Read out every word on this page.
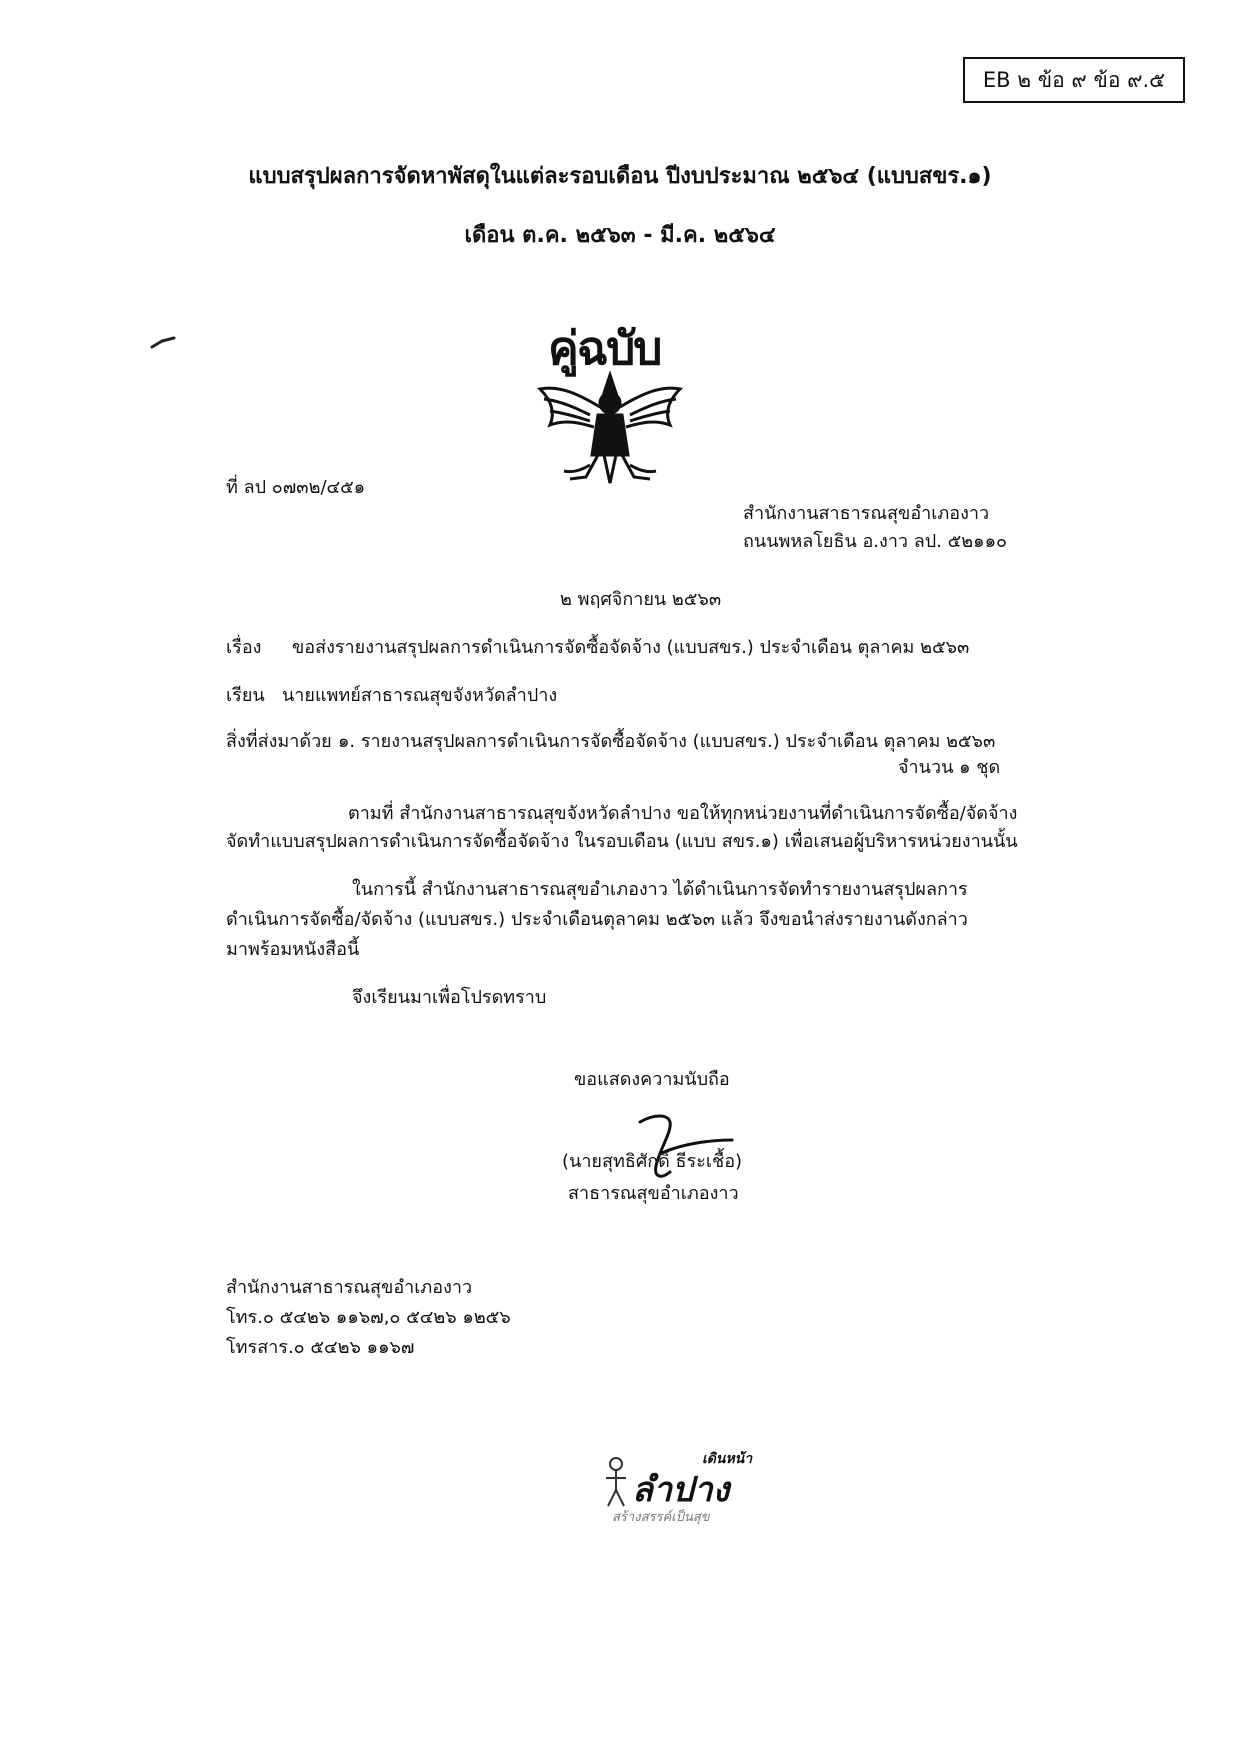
EB ๒ ข้อ ๙ ข้อ ๙.๕
แบบสรุปผลการจัดหาพัสดุในแต่ละรอบเดือน ปีงบประมาณ ๒๕๖๔ (แบบสขร.๑)
เดือน ต.ค. ๒๕๖๓ - มี.ค. ๒๕๖๔
คู่ฉบับ
ที่ ลป ๐๗๓๒/๔๕๑
สำนักงานสาธารณสุขอำเภองาว
ถนนพหลโยธิน อ.งาว ลป. ๕๒๑๑๐
๒ พฤศจิกายน ๒๕๖๓
เรื่อง ขอส่งรายงานสรุปผลการดำเนินการจัดซื้อจัดจ้าง (แบบสขร.) ประจำเดือน ตุลาคม ๒๕๖๓
เรียน นายแพทย์สาธารณสุขจังหวัดลำปาง
สิ่งที่ส่งมาด้วย ๑. รายงานสรุปผลการดำเนินการจัดซื้อจัดจ้าง (แบบสขร.) ประจำเดือน ตุลาคม ๒๕๖๓
จำนวน ๑ ชุด
ตามที่ สำนักงานสาธารณสุขจังหวัดลำปาง ขอให้ทุกหน่วยงานที่ดำเนินการจัดซื้อ/จัดจ้าง
จัดทำแบบสรุปผลการดำเนินการจัดซื้อจัดจ้าง ในรอบเดือน (แบบ สขร.๑) เพื่อเสนอผู้บริหารหน่วยงานนั้น
ในการนี้ สำนักงานสาธารณสุขอำเภองาว ได้ดำเนินการจัดทำรายงานสรุปผลการ
ดำเนินการจัดซื้อ/จัดจ้าง (แบบสขร.) ประจำเดือนตุลาคม ๒๕๖๓ แล้ว จึงขอนำส่งรายงานดังกล่าว
มาพร้อมหนังสือนี้
จึงเรียนมาเพื่อโปรดทราบ
ขอแสดงความนับถือ
(นายสุทธิศักดิ์ ธีระเชื้อ)
สาธารณสุขอำเภองาว
สำนักงานสาธารณสุขอำเภองาว
โทร.๐ ๕๔๒๖ ๑๑๖๗,๐ ๕๔๒๖ ๑๒๕๖
โทรสาร.๐ ๕๔๒๖ ๑๑๖๗
เดินหน้า
ลำปาง
สร้างสรรค์เป็นสุข
